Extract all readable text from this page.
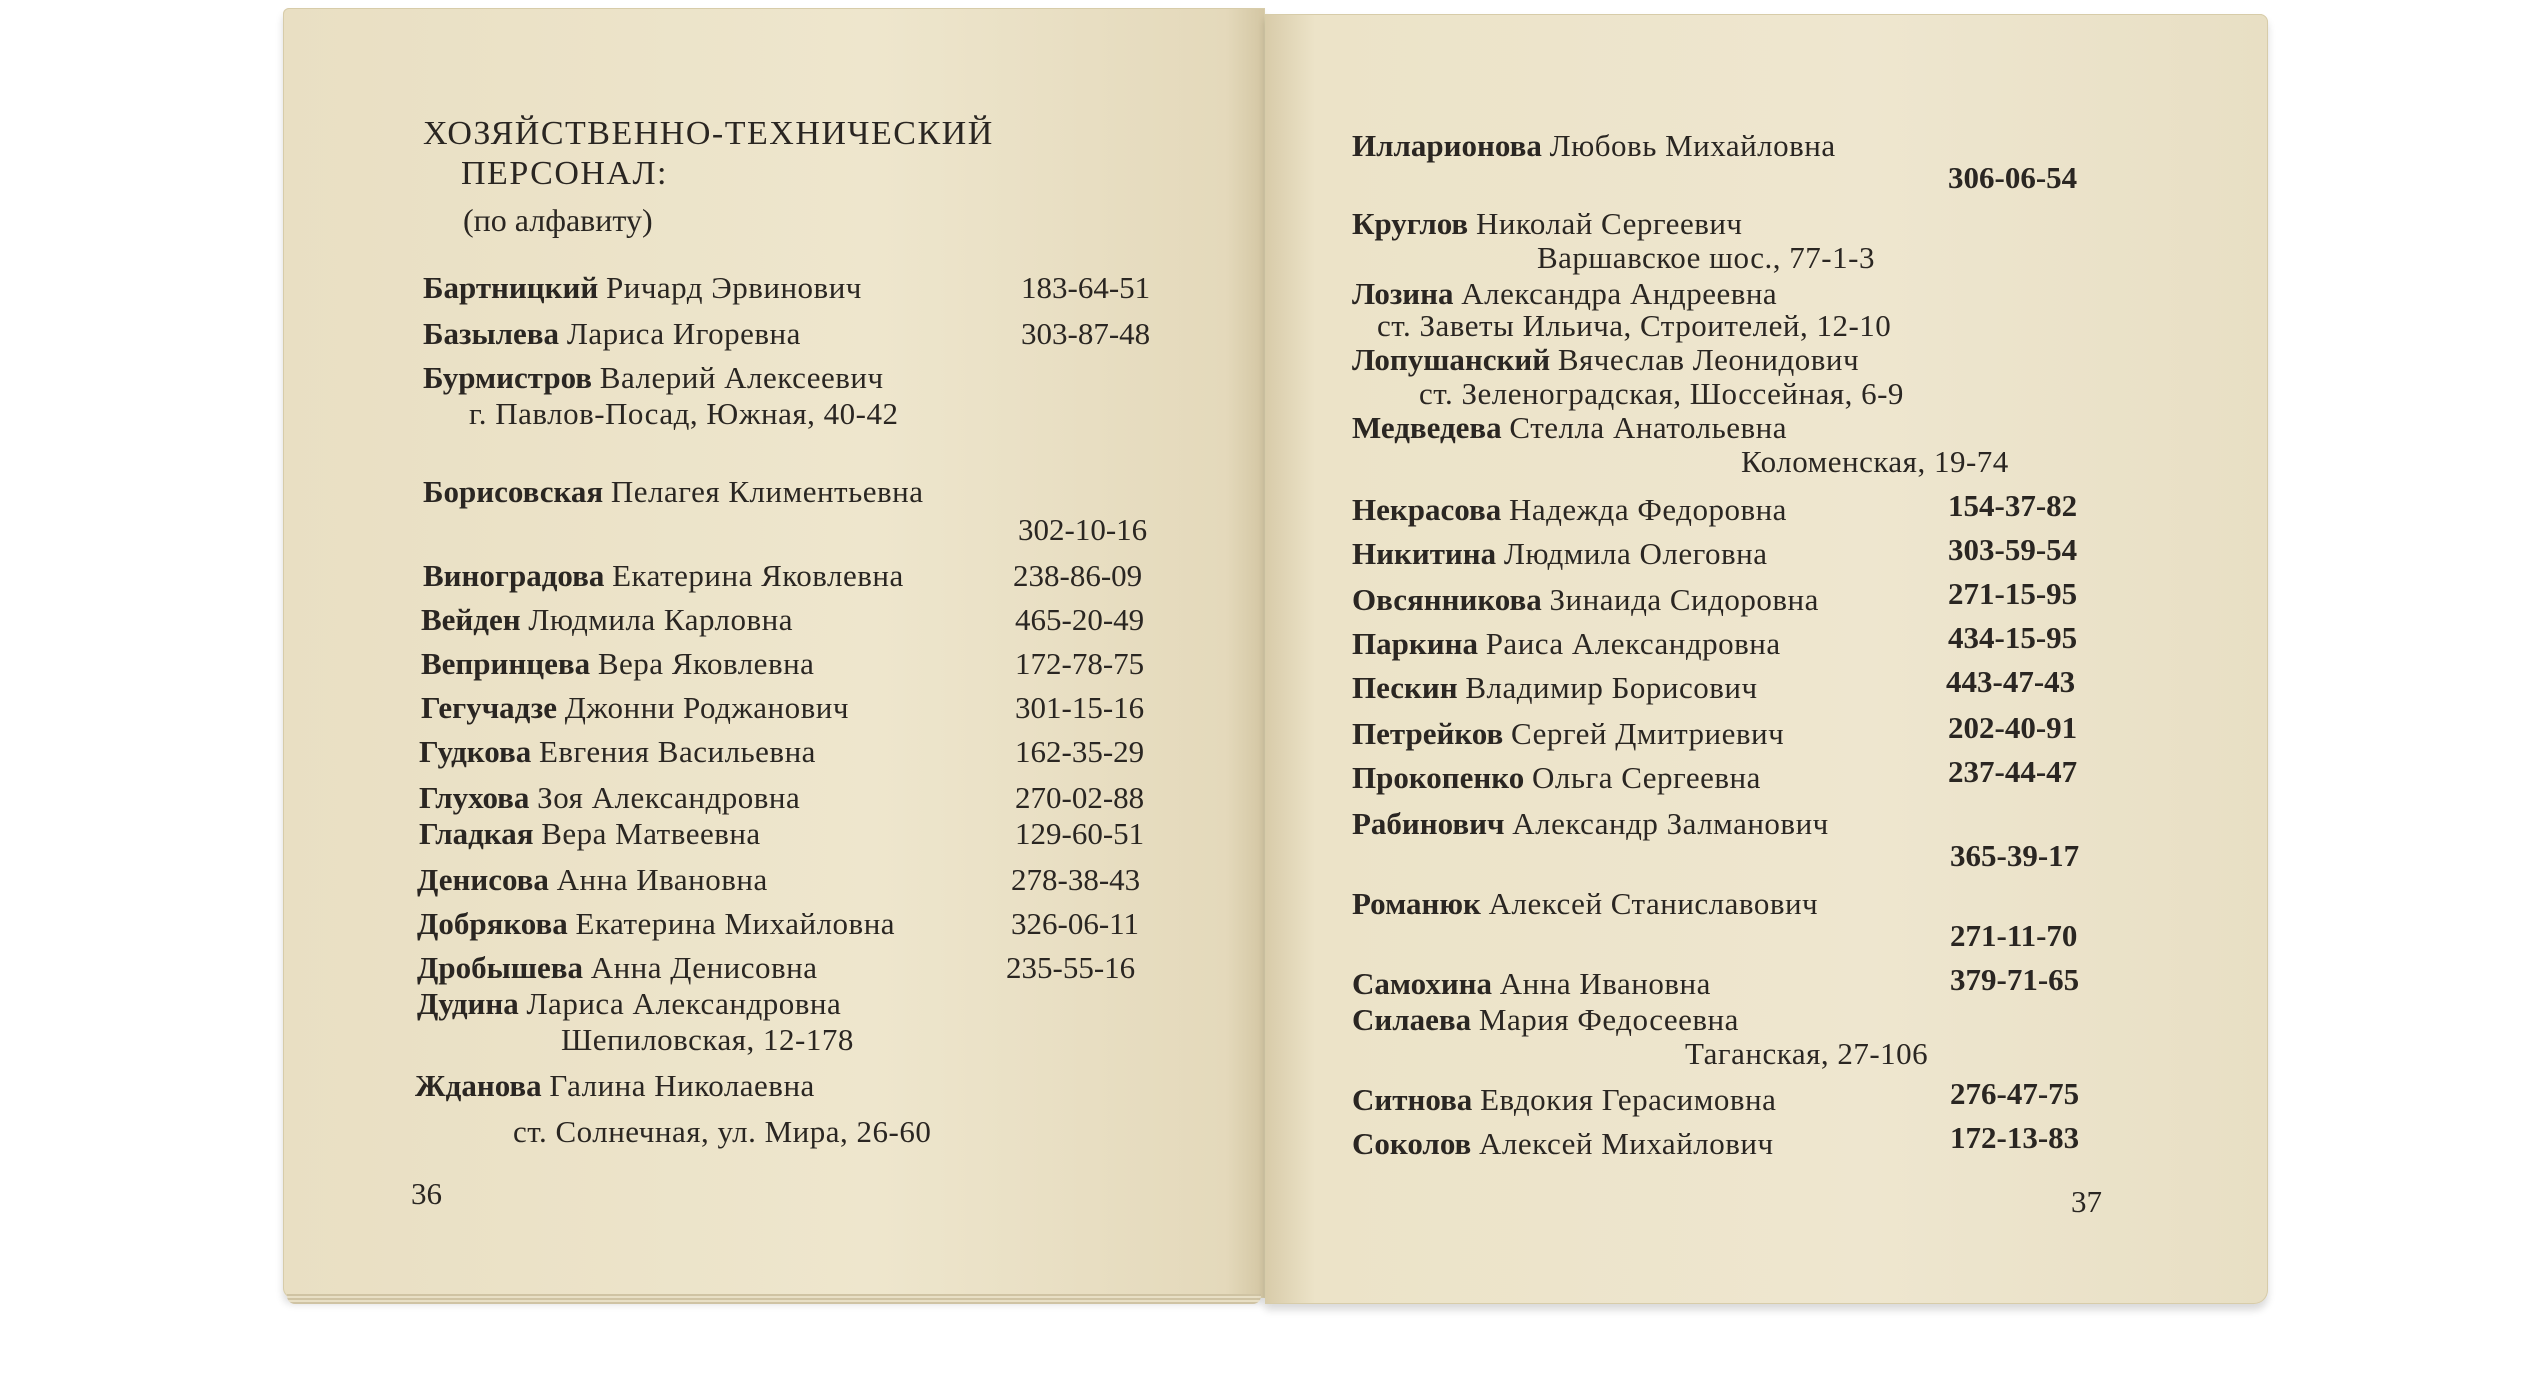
ХОЗЯЙСТВЕННО-ТЕХНИЧЕСКИЙ
ПЕРСОНАЛ:
(по алфавиту)
Бартницкий Ричард Эрвинович	183-64-51
Базылева Лариса Игоревна	303-87-48
Бурмистров Валерий Алексеевич
г. Павлов-Посад, Южная, 40-42
Борисовская Пелагея Климентьевна
302-10-16
Виноградова Екатерина Яковлевна	238-86-09
Вейден Людмила Карловна	465-20-49
Вепринцева Вера Яковлевна	172-78-75
Гегучадзе Джонни Роджанович	301-15-16
Гудкова Евгения Васильевна	162-35-29
Глухова Зоя Александровна	270-02-88
Гладкая Вера Матвеевна	129-60-51
Денисова Анна Ивановна	278-38-43
Добрякова Екатерина Михайловна	326-06-11
Дробышева Анна Денисовна	235-55-16
Дудина Лариса Александровна
Шепиловская, 12-178
Жданова Галина Николаевна
ст. Солнечная, ул. Мира, 26-60
36
Илларионова Любовь Михайловна
306-06-54
Круглов Николай Сергеевич
Варшавское шос., 77-1-3
Лозина Александра Андреевна
ст. Заветы Ильича, Строителей, 12-10
Лопушанский Вячеслав Леонидович
ст. Зеленоградская, Шоссейная, 6-9
Медведева Стелла Анатольевна
Коломенская, 19-74
Некрасова Надежда Федоровна	154-37-82
Никитина Людмила Олеговна	303-59-54
Овсянникова Зинаида Сидоровна	271-15-95
Паркина Раиса Александровна	434-15-95
Пескин Владимир Борисович	443-47-43
Петрейков Сергей Дмитриевич	202-40-91
Прокопенко Ольга Сергеевна	237-44-47
Рабинович Александр Залманович
365-39-17
Романюк Алексей Станиславович
271-11-70
Самохина Анна Ивановна	379-71-65
Силаева Мария Федосеевна
Таганская, 27-106
Ситнова Евдокия Герасимовна	276-47-75
Соколов Алексей Михайлович	172-13-83
37
